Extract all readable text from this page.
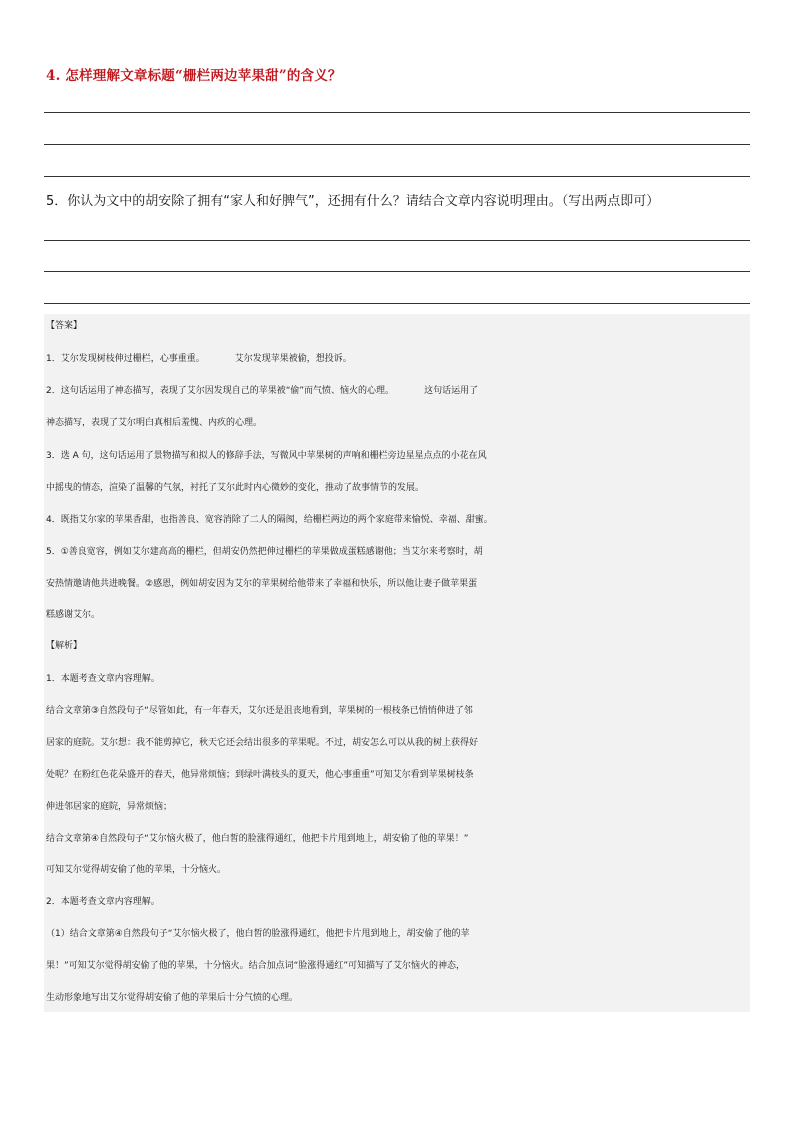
4. 怎样理解文章标题“栅栏两边苹果甜”的含义？
5．你认为文中的胡安除了拥有“家人和好脾气”，还拥有什么？请结合文章内容说明理由。（写出两点即可）
【答案】
1．艾尔发现树枝伸过栅栏，心事重重。	艾尔发现苹果被偷，想投诉。
2．这句话运用了神态描写，表现了艾尔因发现自己的苹果被“偷”而气愤、恼火的心理。	这句话运用了
神态描写，表现了艾尔明白真相后羞愧、内疚的心理。
3．选 A 句，这句话运用了景物描写和拟人的修辞手法，写微风中苹果树的声响和栅栏旁边星星点点的小花在风
中摇曳的情态，渲染了温馨的气氛，衬托了艾尔此时内心微妙的变化，推动了故事情节的发展。
4．既指艾尔家的苹果香甜，也指善良、宽容消除了二人的隔阂，给栅栏两边的两个家庭带来愉悦、幸福、甜蜜。
5．①善良宽容，例如艾尔建高高的栅栏，但胡安仍然把伸过栅栏的苹果做成蛋糕感谢他；当艾尔来考察时，胡
安热情邀请他共进晚餐。②感恩，例如胡安因为艾尔的苹果树给他带来了幸福和快乐，所以他让妻子做苹果蛋
糕感谢艾尔。
【解析】
1．本题考查文章内容理解。
结合文章第③自然段句子“尽管如此，有一年春天，艾尔还是沮丧地看到，苹果树的一根枝条已悄悄伸进了邻
居家的庭院。艾尔想：我不能剪掉它，秋天它还会结出很多的苹果呢。不过，胡安怎么可以从我的树上获得好
处呢？在粉红色花朵盛开的春天，他异常烦恼；到绿叶满枝头的夏天，他心事重重”可知艾尔看到苹果树枝条
伸进邻居家的庭院，异常烦恼；
结合文章第④自然段句子“艾尔恼火极了，他白皙的脸涨得通红，他把卡片甩到地上，胡安偷了他的苹果！”
可知艾尔觉得胡安偷了他的苹果，十分恼火。
2．本题考查文章内容理解。
（1）结合文章第④自然段句子“艾尔恼火极了，他白皙的脸涨得通红，他把卡片甩到地上，胡安偷了他的苹
果！”可知艾尔觉得胡安偷了他的苹果，十分恼火。结合加点词“脸涨得通红”可知描写了艾尔恼火的神态，
生动形象地写出艾尔觉得胡安偷了他的苹果后十分气愤的心理。
